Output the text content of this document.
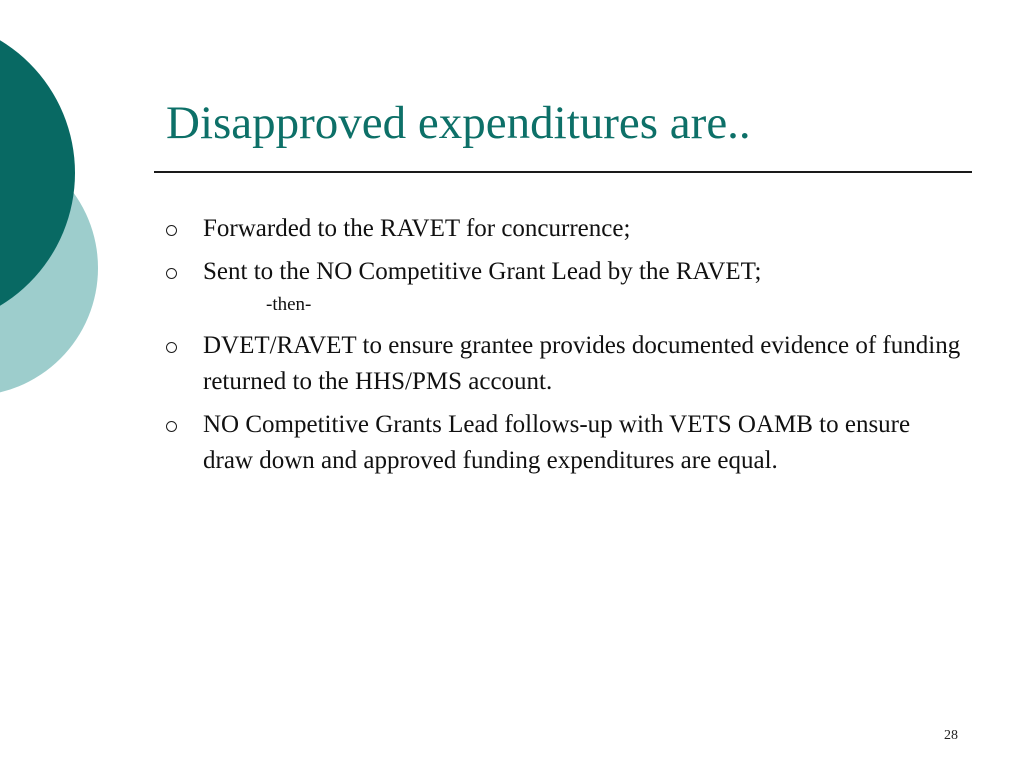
Disapproved expenditures are..
Forwarded to the RAVET for concurrence;
Sent to the NO Competitive Grant Lead by the RAVET;
-then-
DVET/RAVET to ensure grantee provides documented evidence of funding returned to the HHS/PMS account.
NO Competitive Grants Lead follows-up with VETS OAMB to ensure draw down and approved funding expenditures are equal.
28
